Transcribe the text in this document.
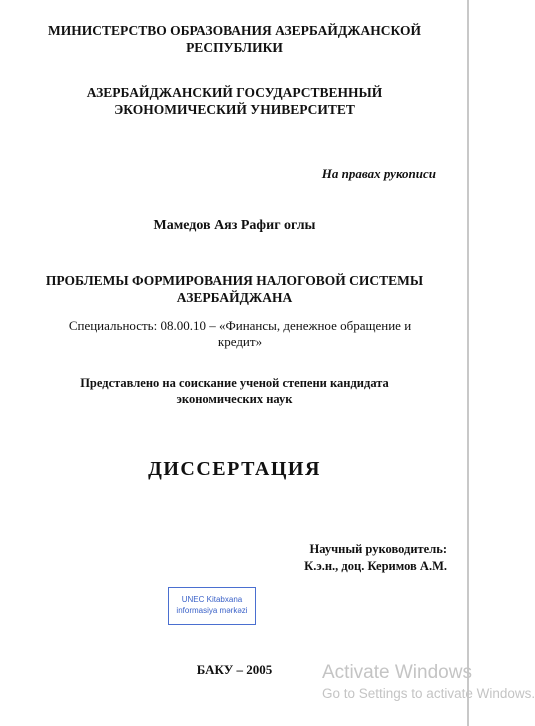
МИНИСТЕРСТВО ОБРАЗОВАНИЯ АЗЕРБАЙДЖАНСКОЙ
РЕСПУБЛИКИ
АЗЕРБАЙДЖАНСКИЙ ГОСУДАРСТВЕННЫЙ
ЭКОНОМИЧЕСКИЙ УНИВЕРСИТЕТ
На правах рукописи
Мамедов Аяз Рафиг оглы
ПРОБЛЕМЫ ФОРМИРОВАНИЯ НАЛОГОВОЙ СИСТЕМЫ
АЗЕРБАЙДЖАНА
Специальность: 08.00.10 – «Финансы, денежное обращение и
кредит»
Представлено на соискание ученой степени кандидата
экономических наук
ДИССЕРТАЦИЯ
Научный руководитель:
К.э.н., доц. Керимов А.М.
UNEC Kitabxana
informasiya mərkəzi
БАКУ – 2005	Activate Windows
Go to Settings to activate Windows.
